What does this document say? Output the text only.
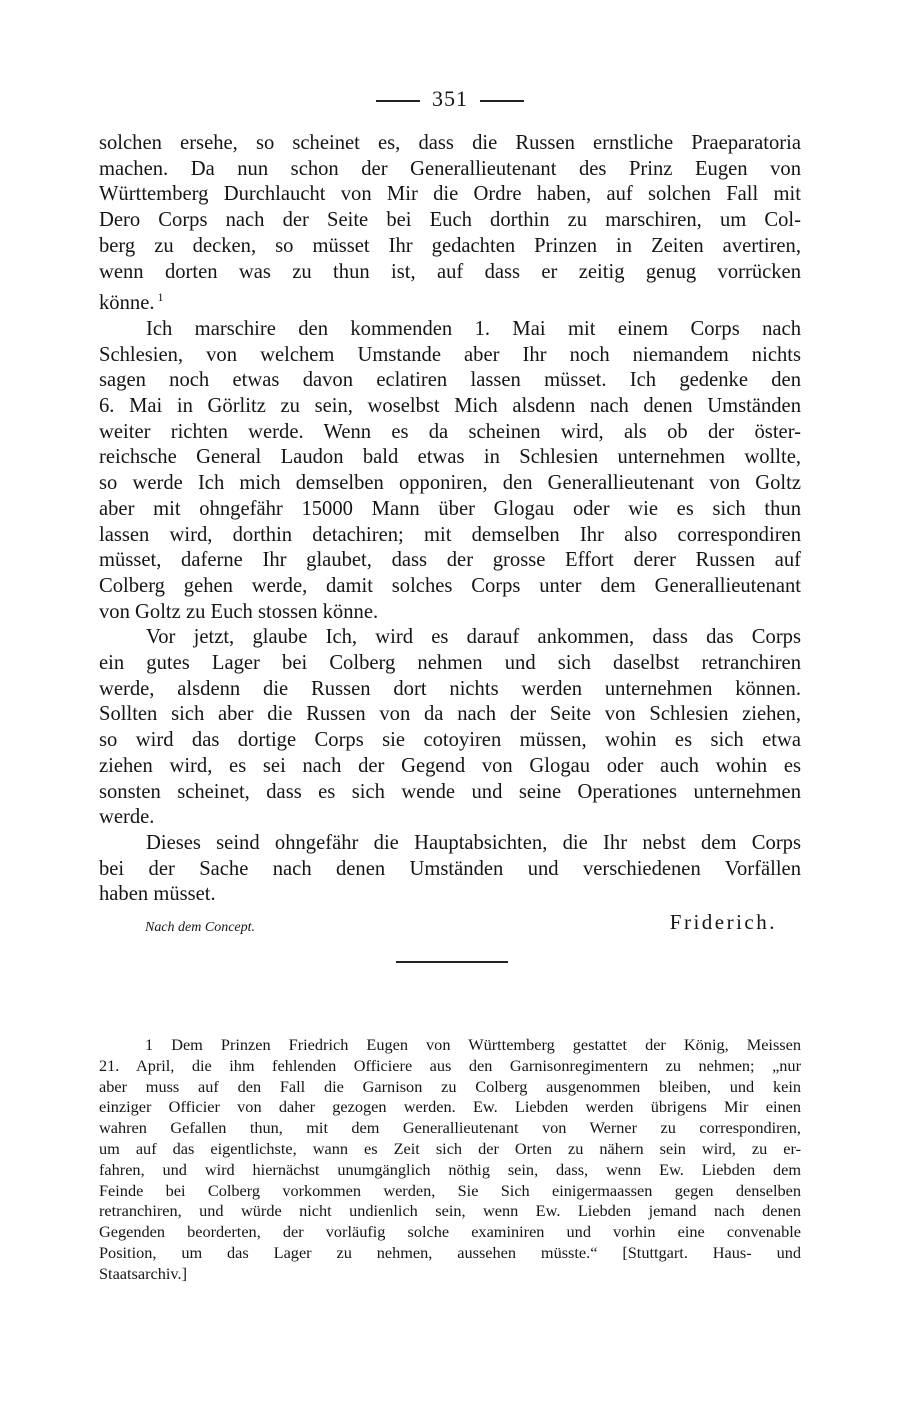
351
solchen ersehe, so scheinet es, dass die Russen ernstliche Praeparatoria
machen. Da nun schon der Generallieutenant des Prinz Eugen von
Württemberg Durchlaucht von Mir die Ordre haben, auf solchen Fall mit
Dero Corps nach der Seite bei Euch dorthin zu marschiren, um Col-
berg zu decken, so müsset Ihr gedachten Prinzen in Zeiten avertiren,
wenn dorten was zu thun ist, auf dass er zeitig genug vorrücken
könne. $^1$
Ich marschire den kommenden 1. Mai mit einem Corps nach
Schlesien, von welchem Umstande aber Ihr noch niemandem nichts
sagen noch etwas davon eclatiren lassen müsset. Ich gedenke den
6. Mai in Görlitz zu sein, woselbst Mich alsdenn nach denen Umständen
weiter richten werde. Wenn es da scheinen wird, als ob der öster-
reichsche General Laudon bald etwas in Schlesien unternehmen wollte,
so werde Ich mich demselben opponiren, den Generallieutenant von Goltz
aber mit ohngefähr 15000 Mann über Glogau oder wie es sich thun
lassen wird, dorthin detachiren; mit demselben Ihr also correspondiren
müsset, daferne Ihr glaubet, dass der grosse Effort derer Russen auf
Colberg gehen werde, damit solches Corps unter dem Generallieutenant
von Goltz zu Euch stossen könne.
Vor jetzt, glaube Ich, wird es darauf ankommen, dass das Corps
ein gutes Lager bei Colberg nehmen und sich daselbst retranchiren
werde, alsdenn die Russen dort nichts werden unternehmen können.
Sollten sich aber die Russen von da nach der Seite von Schlesien ziehen,
so wird das dortige Corps sie cotoyiren müssen, wohin es sich etwa
ziehen wird, es sei nach der Gegend von Glogau oder auch wohin es
sonsten scheinet, dass es sich wende und seine Operationes unternehmen
werde.
Dieses seind ohngefähr die Hauptabsichten, die Ihr nebst dem Corps
bei der Sache nach denen Umständen und verschiedenen Vorfällen
haben müsset.
Nach dem Concept.	Friderich.
1 Dem Prinzen Friedrich Eugen von Württemberg gestattet der König, Meissen
21. April, die ihm fehlenden Officiere aus den Garnisonregimentern zu nehmen; „nur
aber muss auf den Fall die Garnison zu Colberg ausgenommen bleiben, und kein
einziger Officier von daher gezogen werden. Ew. Liebden werden übrigens Mir einen
wahren Gefallen thun, mit dem Generallieutenant von Werner zu correspondiren,
um auf das eigentlichste, wann es Zeit sich der Orten zu nähern sein wird, zu er-
fahren, und wird hiernächst unumgänglich nöthig sein, dass, wenn Ew. Liebden dem
Feinde bei Colberg vorkommen werden, Sie Sich einigermaassen gegen denselben
retranchiren, und würde nicht undienlich sein, wenn Ew. Liebden jemand nach denen
Gegenden beorderten, der vorläufig solche examiniren und vorhin eine convenable
Position, um das Lager zu nehmen, aussehen müsste.“ [Stuttgart. Haus- und
Staatsarchiv.]
